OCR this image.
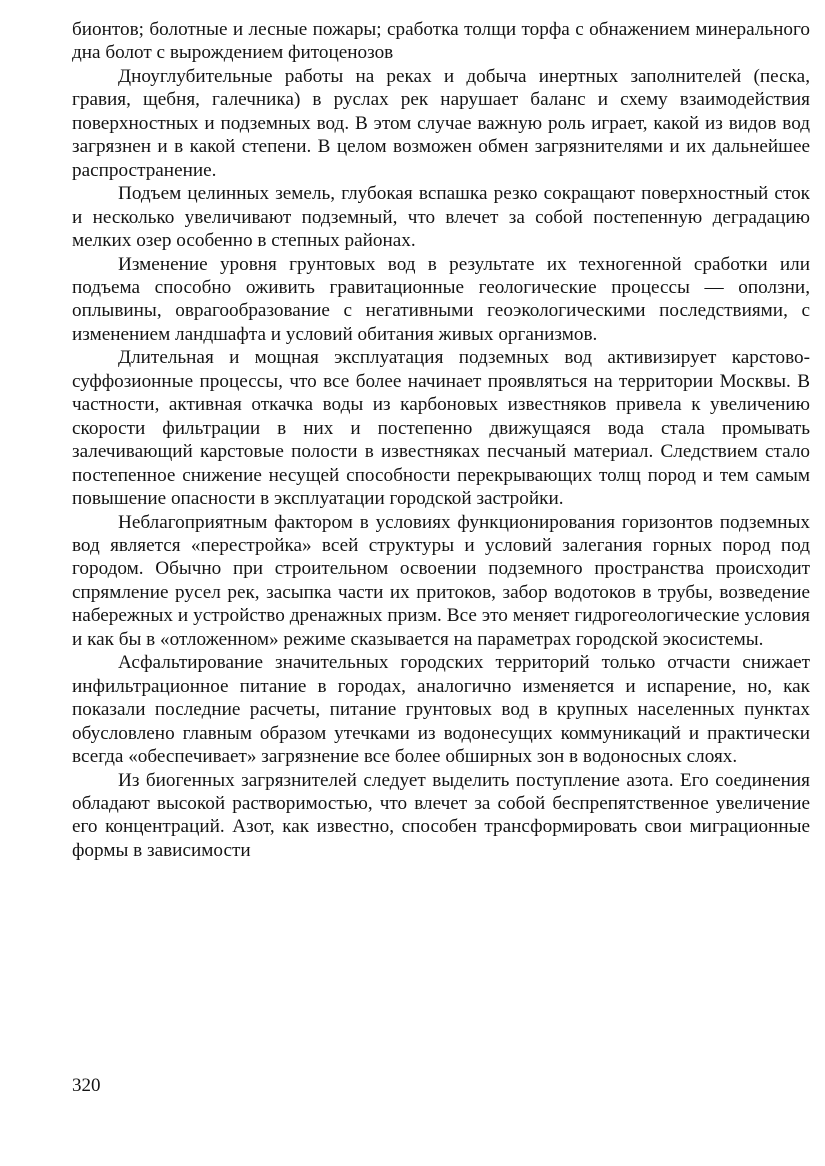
бионтов; болотные и лесные пожары; сработка толщи торфа с обнажением минерального дна болот с вырождением фитоценозов

Дноуглубительные работы на реках и добыча инертных заполнителей (песка, гравия, щебня, галечника) в руслах рек нарушает баланс и схему взаимодействия поверхностных и подземных вод. В этом случае важную роль играет, какой из видов вод загрязнен и в какой степени. В целом возможен обмен загрязнителями и их дальнейшее распространение.

Подъем целинных земель, глубокая вспашка резко сокращают поверхностный сток и несколько увеличивают подземный, что влечет за собой постепенную деградацию мелких озер особенно в степных районах.

Изменение уровня грунтовых вод в результате их техногенной сработки или подъема способно оживить гравитационные геологические процессы — оползни, оплывины, оврагообразование с негативными геоэкологическими последствиями, с изменением ландшафта и условий обитания живых организмов.

Длительная и мощная эксплуатация подземных вод активизирует карстово-суффозионные процессы, что все более начинает проявляться на территории Москвы. В частности, активная откачка воды из карбоновых известняков привела к увеличению скорости фильтрации в них и постепенно движущаяся вода стала промывать залечивающий карстовые полости в известняках песчаный материал. Следствием стало постепенное снижение несущей способности перекрывающих толщ пород и тем самым повышение опасности в эксплуатации городской застройки.

Неблагоприятным фактором в условиях функционирования горизонтов подземных вод является «перестройка» всей структуры и условий залегания горных пород под городом. Обычно при строительном освоении подземного пространства происходит спрямление русел рек, засыпка части их притоков, забор водотоков в трубы, возведение набережных и устройство дренажных призм. Все это меняет гидрогеологические условия и как бы в «отложенном» режиме сказывается на параметрах городской экосистемы.

Асфальтирование значительных городских территорий только отчасти снижает инфильтрационное питание в городах, аналогично изменяется и испарение, но, как показали последние расчеты, питание грунтовых вод в крупных населенных пунктах обусловлено главным образом утечками из водонесущих коммуникаций и практически всегда «обеспечивает» загрязнение все более обширных зон в водоносных слоях.

Из биогенных загрязнителей следует выделить поступление азота. Его соединения обладают высокой растворимостью, что влечет за собой беспрепятственное увеличение его концентраций. Азот, как известно, способен трансформировать свои миграционные формы в зависимости

320
